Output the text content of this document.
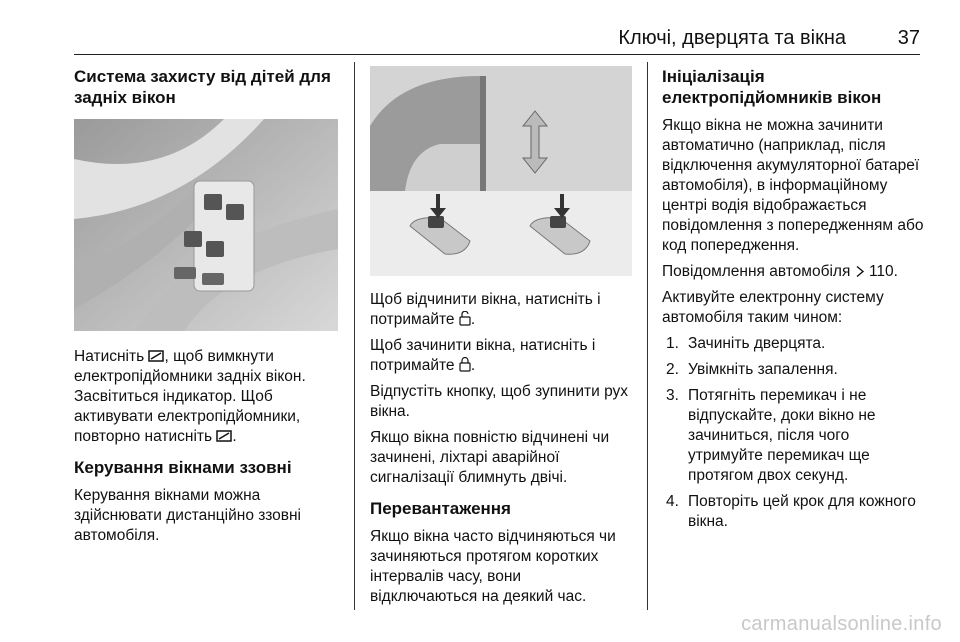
Ключі, дверцята та вікна	37
Система захисту від дітей для задніх вікон
Натисніть , щоб вимкнути електропідйомники задніх вікон. Засвітиться індикатор. Щоб активувати електропідйомники, повторно натисніть .
Керування вікнами ззовні
Керування вікнами можна здійснювати дистанційно ззовні автомобіля.
Щоб відчинити вікна, натисніть і потримайте .
Щоб зачинити вікна, натисніть і потримайте .
Відпустіть кнопку, щоб зупинити рух вікна.
Якщо вікна повністю відчинені чи зачинені, ліхтарі аварійної сигналізації блимнуть двічі.
Перевантаження
Якщо вікна часто відчиняються чи зачиняються протягом коротких інтервалів часу, вони відключаються на деякий час.
Ініціалізація електропідйомників вікон
Якщо вікна не можна зачинити автоматично (наприклад, після відключення акумуляторної батареї автомобіля), в інформаційному центрі водія відображається повідомлення з попередженням або код попередження.
Повідомлення автомобіля  110.
Активуйте електронну систему автомобіля таким чином:
1. Зачиніть дверцята.
2. Увімкніть запалення.
3. Потягніть перемикач і не відпускайте, доки вікно не зачиниться, після чого утримуйте перемикач ще протягом двох секунд.
4. Повторіть цей крок для кожного вікна.
carmanualsonline.info
